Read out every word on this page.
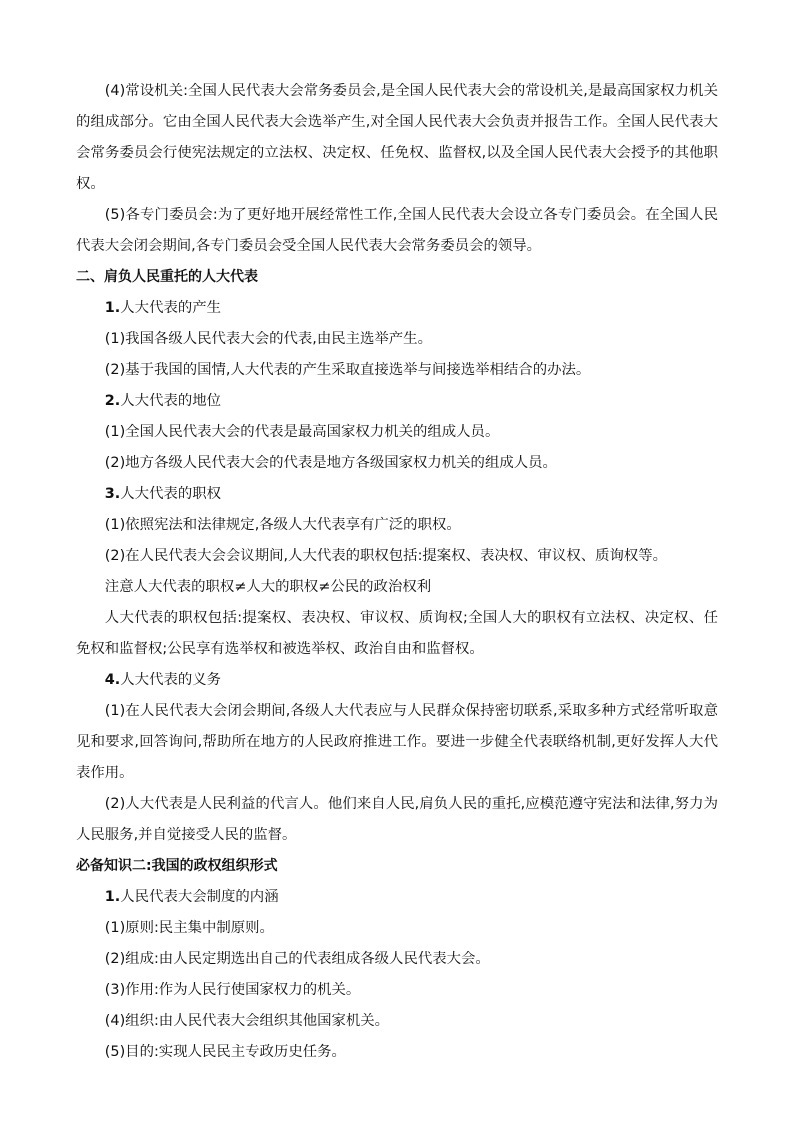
(4)常设机关:全国人民代表大会常务委员会,是全国人民代表大会的常设机关,是最高国家权力机关的组成部分。它由全国人民代表大会选举产生,对全国人民代表大会负责并报告工作。全国人民代表大会常务委员会行使宪法规定的立法权、决定权、任免权、监督权,以及全国人民代表大会授予的其他职权。

(5)各专门委员会:为了更好地开展经常性工作,全国人民代表大会设立各专门委员会。在全国人民代表大会闭会期间,各专门委员会受全国人民代表大会常务委员会的领导。

二、肩负人民重托的人大代表

1.人大代表的产生

(1)我国各级人民代表大会的代表,由民主选举产生。

(2)基于我国的国情,人大代表的产生采取直接选举与间接选举相结合的办法。

2.人大代表的地位

(1)全国人民代表大会的代表是最高国家权力机关的组成人员。

(2)地方各级人民代表大会的代表是地方各级国家权力机关的组成人员。

3.人大代表的职权

(1)依照宪法和法律规定,各级人大代表享有广泛的职权。

(2)在人民代表大会会议期间,人大代表的职权包括:提案权、表决权、审议权、质询权等。

注意人大代表的职权≠人大的职权≠公民的政治权利

人大代表的职权包括:提案权、表决权、审议权、质询权;全国人大的职权有立法权、决定权、任免权和监督权;公民享有选举权和被选举权、政治自由和监督权。

4.人大代表的义务

(1)在人民代表大会闭会期间,各级人大代表应与人民群众保持密切联系,采取多种方式经常听取意见和要求,回答询问,帮助所在地方的人民政府推进工作。要进一步健全代表联络机制,更好发挥人大代表作用。

(2)人大代表是人民利益的代言人。他们来自人民,肩负人民的重托,应模范遵守宪法和法律,努力为人民服务,并自觉接受人民的监督。

必备知识二:我国的政权组织形式

1.人民代表大会制度的内涵

(1)原则:民主集中制原则。

(2)组成:由人民定期选出自己的代表组成各级人民代表大会。

(3)作用:作为人民行使国家权力的机关。

(4)组织:由人民代表大会组织其他国家机关。

(5)目的:实现人民民主专政历史任务。
